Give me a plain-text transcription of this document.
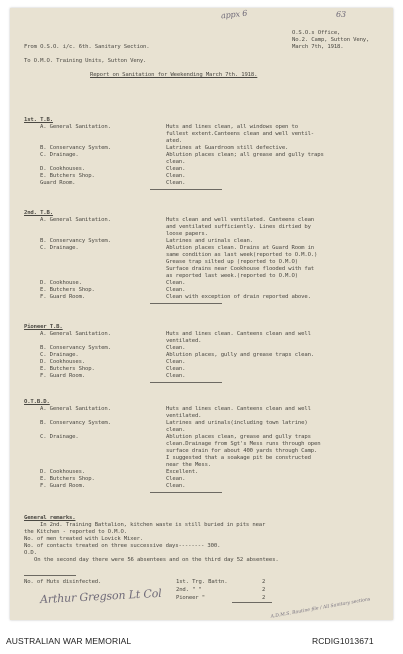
appx 6	63
O.S.O.s Office,
No.2. Camp, Sutton Veny,
March 7th, 1918.
From O.S.O. i/c. 6th. Sanitary Section.
To O.M.O. Training Units, Sutton Veny.
Report on Sanitation for Weekending March 7th. 1918.
1st. T.B.
A. General Sanitation.	Huts and lines clean, all windows open to
fullest extent.Canteens clean and well ventil-
ated.
B. Conservancy System.	Latrines at Guardroom still defective.
C. Drainage.	Ablution places clean; all grease and gully traps
clean.
D. Cookhouses.	Clean.
E. Butchers Shop.	Clean.
Guard Room.	Clean.
2nd. T.B.
A. General Sanitation.	Huts clean and well ventilated. Canteens clean
and ventilated sufficiently. Lines dirtied by
loose papers.
B. Conservancy System.	Latrines and urinals clean.
C. Drainage.	Ablution places clean. Drains at Guard Room in
same condition as last week(reported to O.M.O.)
Grease trap silted up (reported to O.M.O)
Surface drains near Cookhouse flooded with fat
as reported last week.(reported to O.M.O)
D. Cookhouse.	Clean.
E. Butchers Shop.	Clean.
F. Guard Room.	Clean with exception of drain reported above.
Pioneer T.B.
A. General Sanitation.	Huts and lines clean. Canteens clean and well
ventilated.
B. Conservancy System.	Clean.
C. Drainage.	Ablution places, gully and grease traps clean.
D. Cookhouses.	Clean.
E. Butchers Shop.	Clean.
F. Guard Room.	Clean.
O.T.B.D.
A. General Sanitation.	Huts and lines clean. Canteens clean and well
ventilated.
B. Conservancy System.	Latrines and urinals(including town latrine)
clean.
C. Drainage.	Ablution places clean, grease and gully traps
clean.Drainage from Sgt's Mess runs through open
surface drain for about 400 yards through Camp.
I suggested that a soakage pit be constructed
near the Mess.
D. Cookhouses.	Excellent.
E. Butchers Shop.	Clean.
F. Guard Room.	Clean.
General remarks.
In 2nd. Training Battalion, kitchen waste is still buried in pits near
the Kitchen - reported to O.M.O.
No. of men treated with Lovick Mixer.
No. of contacts treated on three successive days-------- 300.
O.D.
On the second day there were 56 absentees and on the third day 52 absentees.
No. of Huts disinfected.	1st. Trg. Battn.	2
2nd. " "	2
Pioneer "	2
Arthur Gregson Lt Col
A.D.M.S. Routine file / All Sanitary sections
AUSTRALIAN WAR MEMORIAL	RCDIG1013671
